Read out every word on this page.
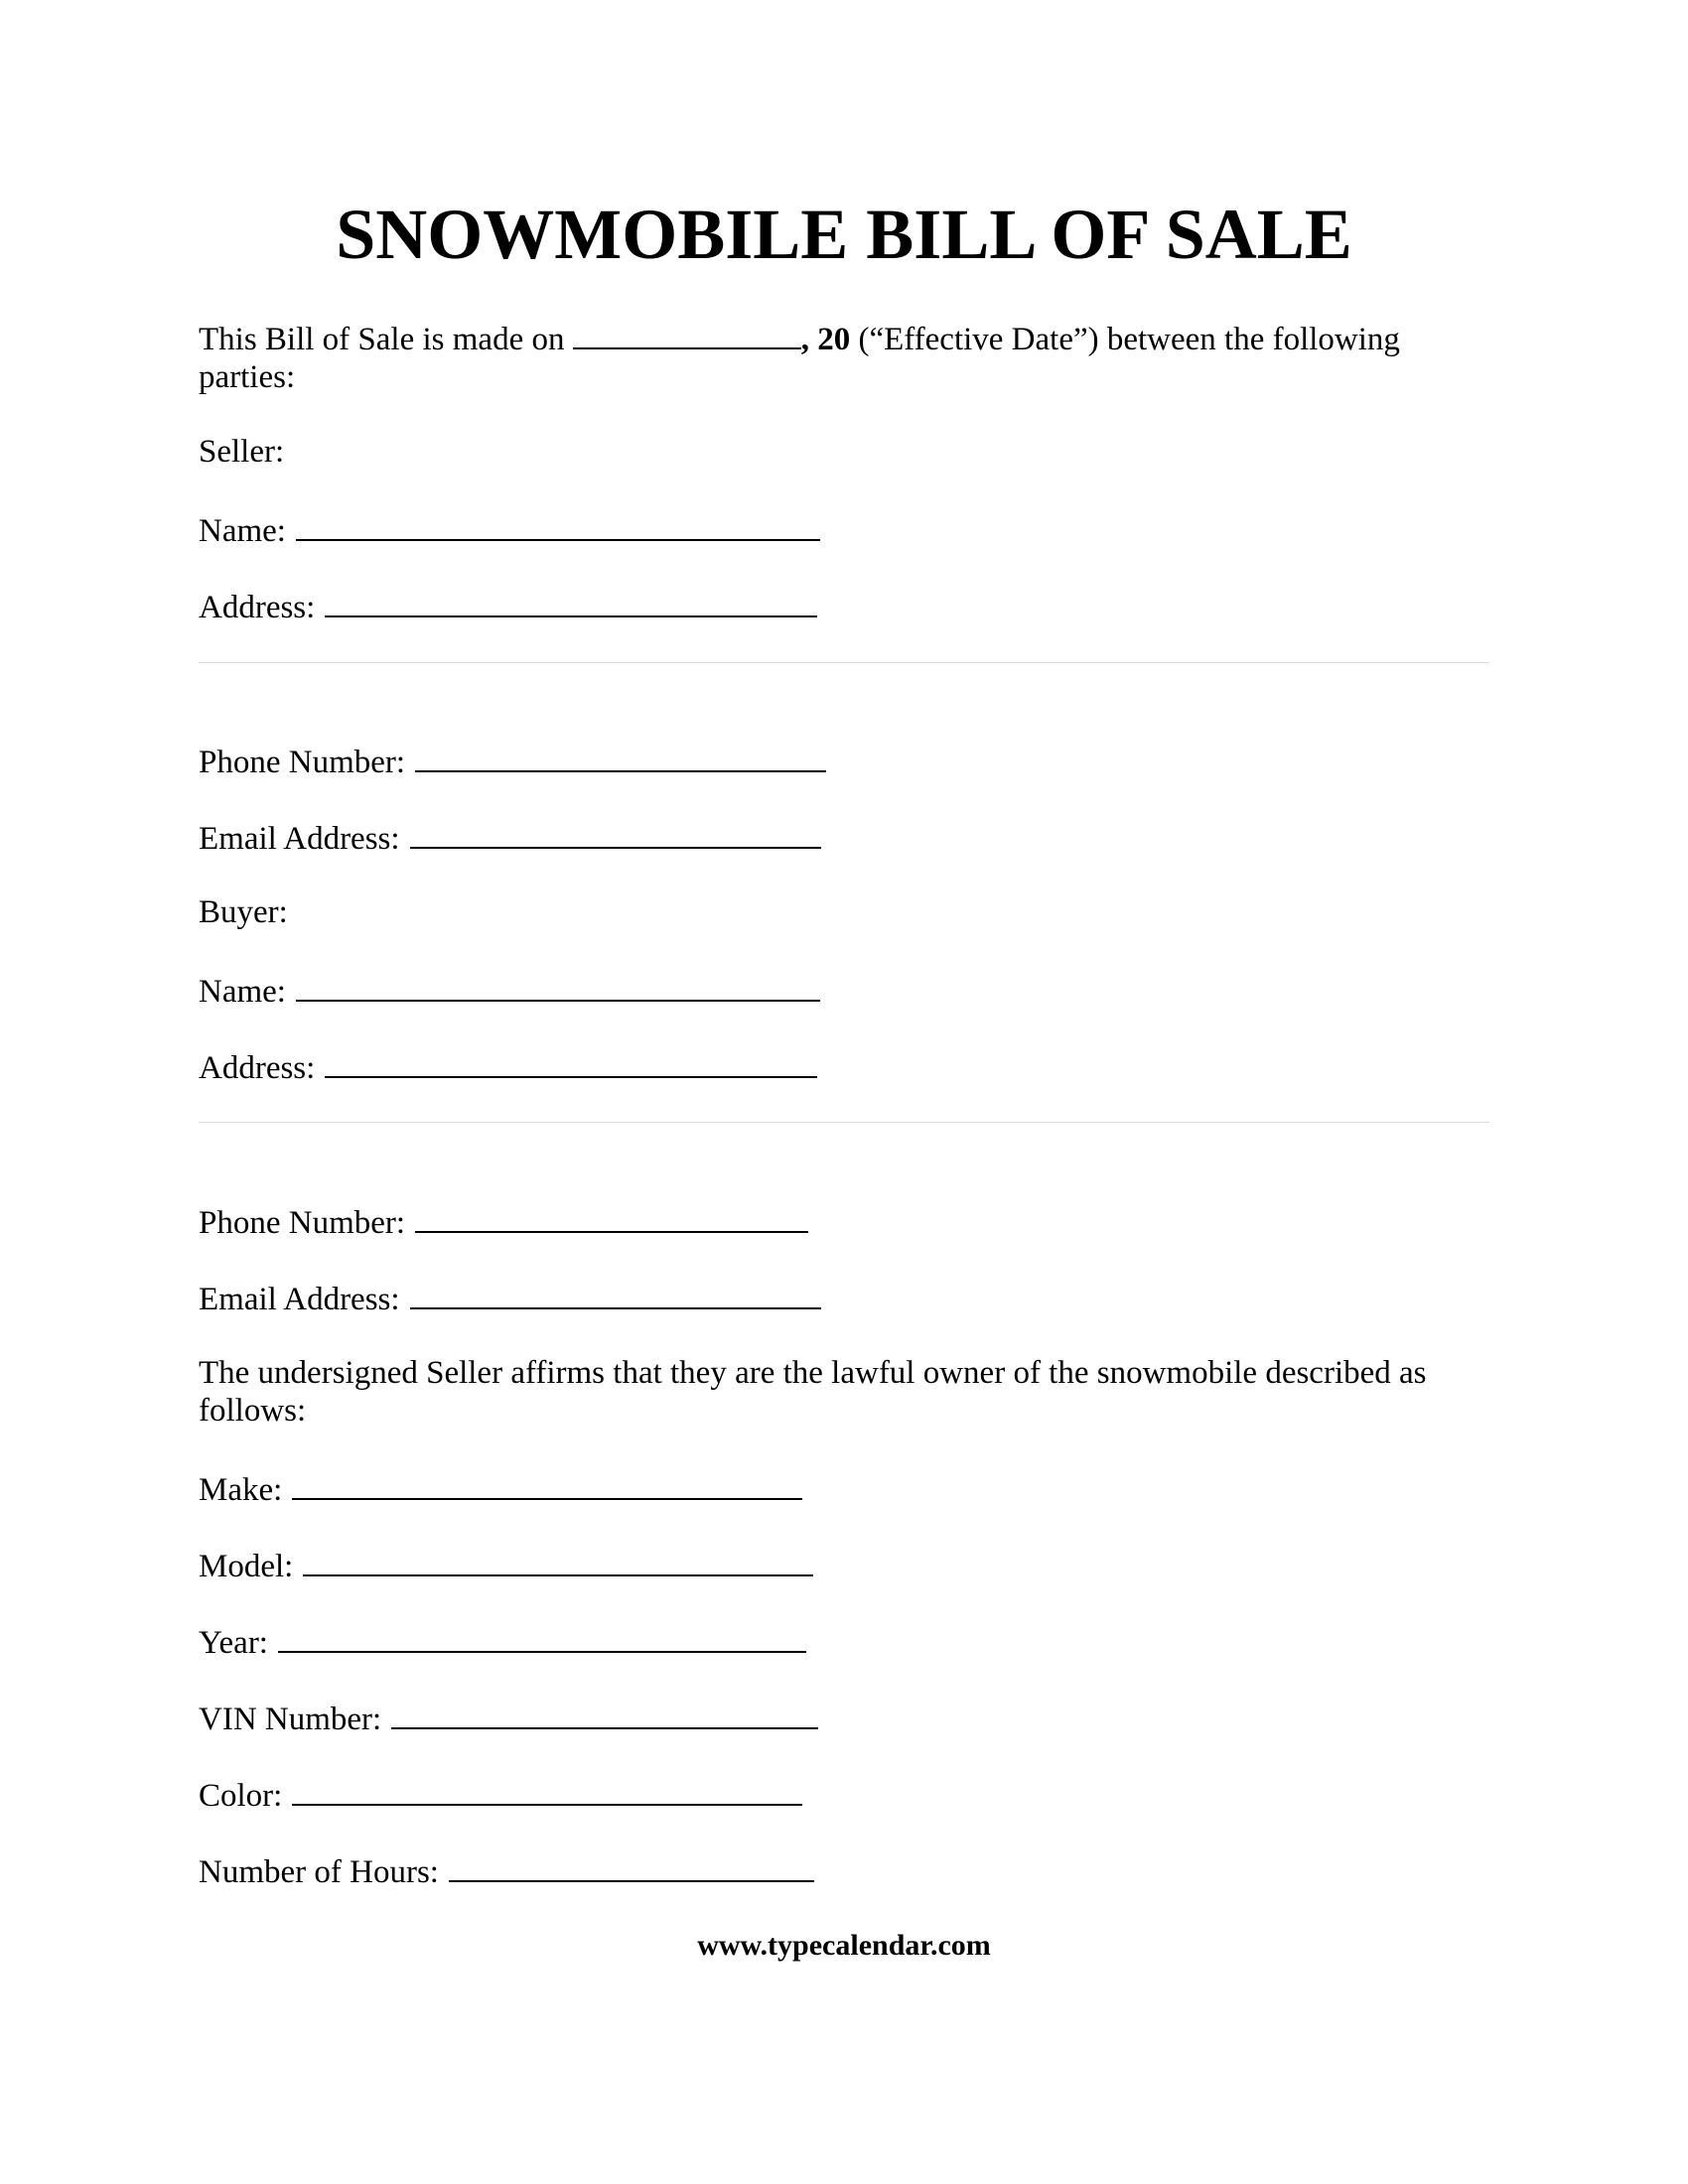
SNOWMOBILE BILL OF SALE
This Bill of Sale is made on	, 20 (“Effective Date”) between the following parties:
Seller:
Name:
Address:
Phone Number:
Email Address:
Buyer:
Name:
Address:
Phone Number:
Email Address:
The undersigned Seller affirms that they are the lawful owner of the snowmobile described as follows:
Make:
Model:
Year:
VIN Number:
Color:
Number of Hours:
www.typecalendar.com
